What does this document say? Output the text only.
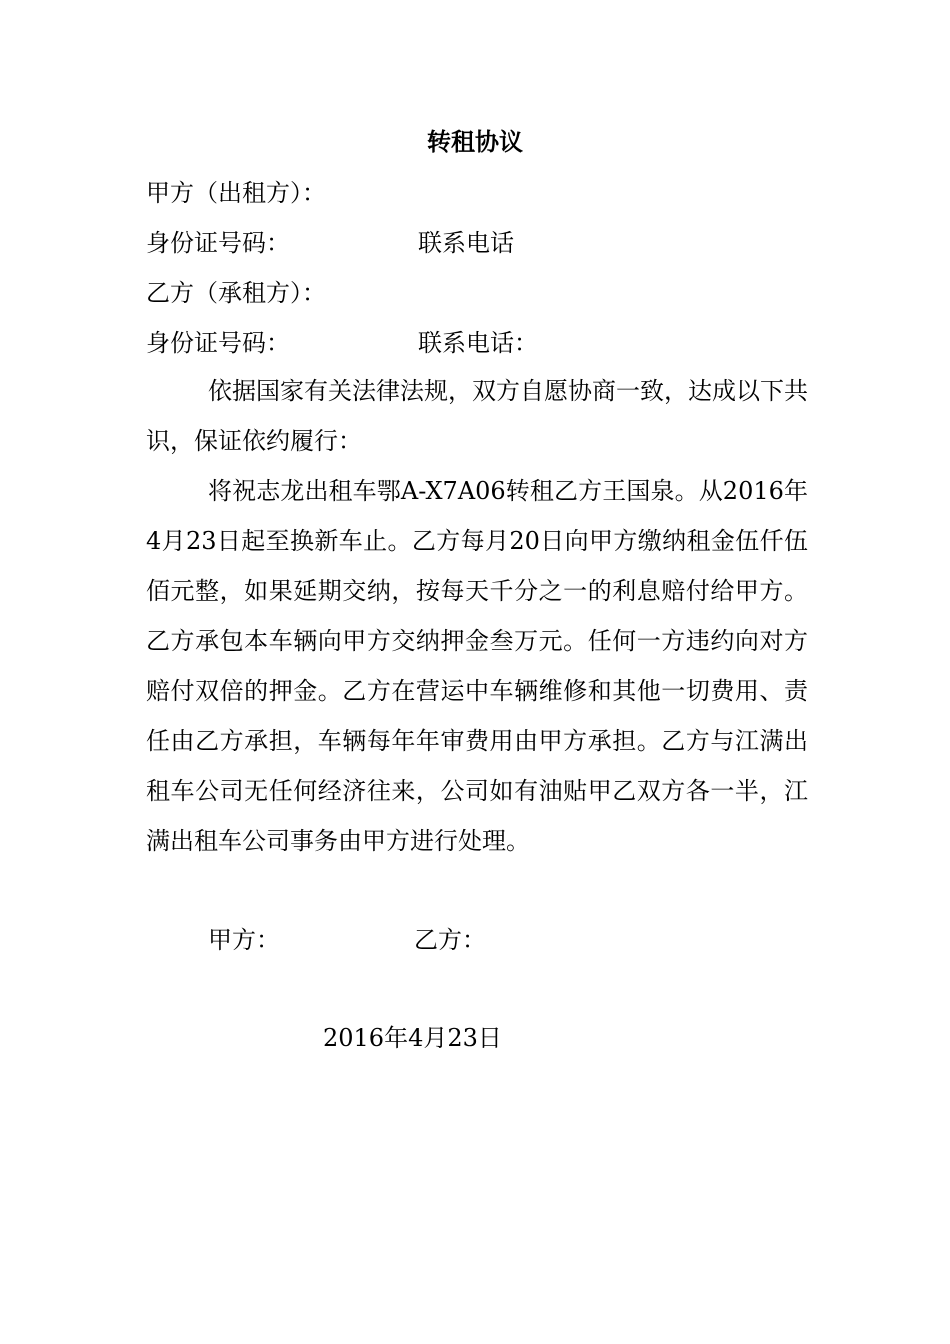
转租协议
甲方（出租方）：
身份证号码：	联系电话
乙方（承租方）：
身份证号码：	联系电话：
依据国家有关法律法规，双方自愿协商一致，达成以下共识，保证依约履行：
将祝志龙出租车鄂A-X7A06转租乙方王国泉。从2016年4月23日起至换新车止。乙方每月20日向甲方缴纳租金伍仟伍佰元整，如果延期交纳，按每天千分之一的利息赔付给甲方。乙方承包本车辆向甲方交纳押金叁万元。任何一方违约向对方赔付双倍的押金。乙方在营运中车辆维修和其他一切费用、责任由乙方承担，车辆每年年审费用由甲方承担。乙方与江满出租车公司无任何经济往来，公司如有油贴甲乙双方各一半，江满出租车公司事务由甲方进行处理。
甲方：	乙方：
2016年4月23日
